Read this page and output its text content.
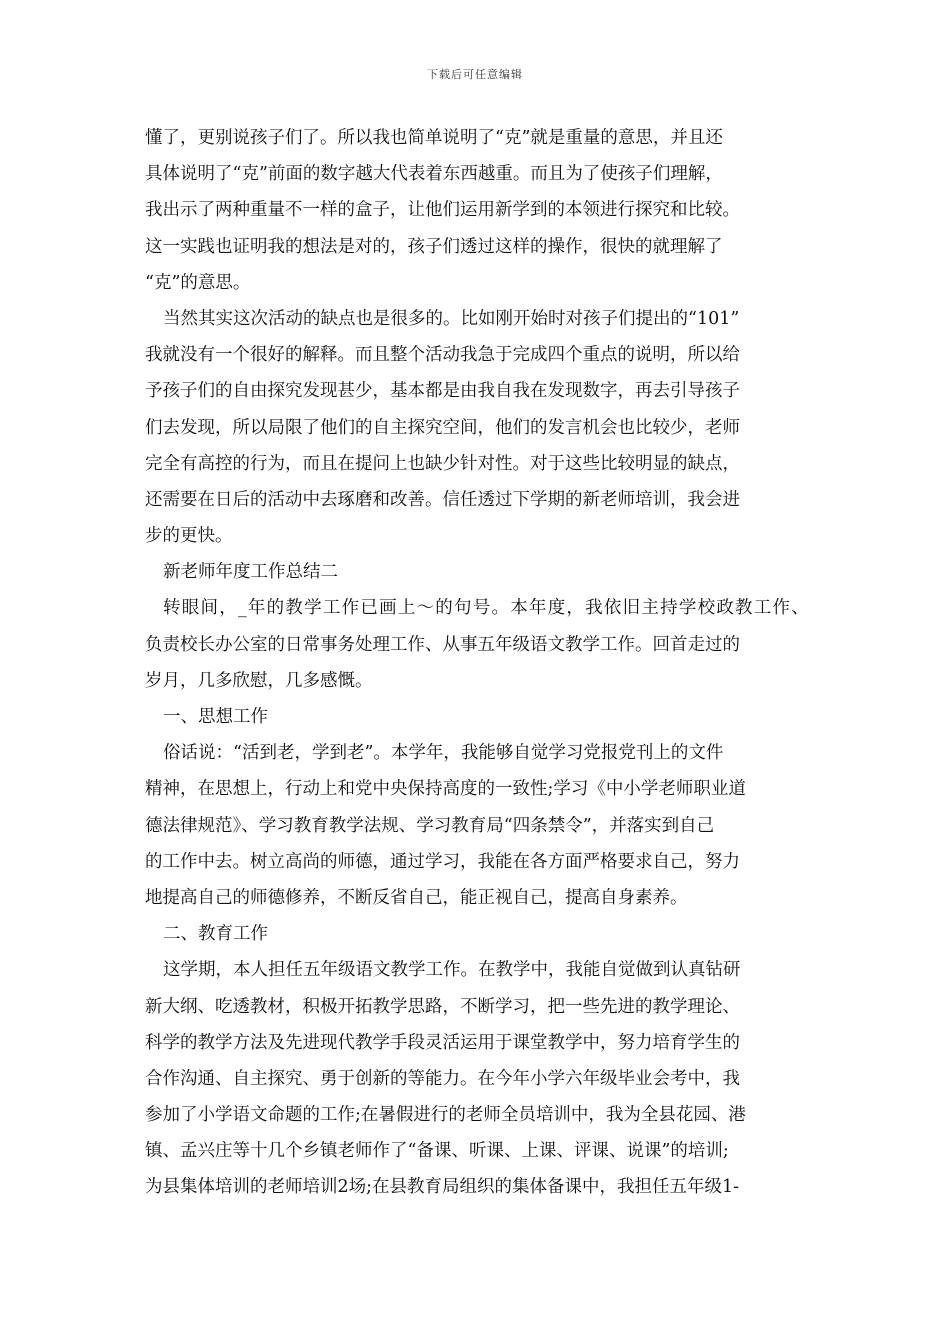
下载后可任意编辑
懂了，更别说孩子们了。所以我也简单说明了“克”就是重量的意思，并且还
具体说明了“克”前面的数字越大代表着东西越重。而且为了使孩子们理解，
我出示了两种重量不一样的盒子，让他们运用新学到的本领进行探究和比较。
这一实践也证明我的想法是对的，孩子们透过这样的操作，很快的就理解了
“克”的意思。
当然其实这次活动的缺点也是很多的。比如刚开始时对孩子们提出的“101”
我就没有一个很好的解释。而且整个活动我急于完成四个重点的说明，所以给
予孩子们的自由探究发现甚少，基本都是由我自我在发现数字，再去引导孩子
们去发现，所以局限了他们的自主探究空间，他们的发言机会也比较少，老师
完全有高控的行为，而且在提问上也缺少针对性。对于这些比较明显的缺点，
还需要在日后的活动中去琢磨和改善。信任透过下学期的新老师培训，我会进
步的更快。
新老师年度工作总结二
转眼间，_年的教学工作已画上～的句号。本年度，我依旧主持学校政教工作、
负责校长办公室的日常事务处理工作、从事五年级语文教学工作。回首走过的
岁月，几多欣慰，几多感慨。
一、思想工作
俗话说：“活到老，学到老”。本学年，我能够自觉学习党报党刊上的文件
精神，在思想上，行动上和党中央保持高度的一致性;学习《中小学老师职业道
德法律规范》、学习教育教学法规、学习教育局“四条禁令”，并落实到自己
的工作中去。树立高尚的师德，通过学习，我能在各方面严格要求自己，努力
地提高自己的师德修养，不断反省自己，能正视自己，提高自身素养。
二、教育工作
这学期，本人担任五年级语文教学工作。在教学中，我能自觉做到认真钻研
新大纲、吃透教材，积极开拓教学思路，不断学习，把一些先进的教学理论、
科学的教学方法及先进现代教学手段灵活运用于课堂教学中，努力培育学生的
合作沟通、自主探究、勇于创新的等能力。在今年小学六年级毕业会考中，我
参加了小学语文命题的工作;在暑假进行的老师全员培训中，我为全县花园、港
镇、孟兴庄等十几个乡镇老师作了“备课、听课、上课、评课、说课”的培训;
为县集体培训的老师培训2场;在县教育局组织的集体备课中，我担任五年级1-
